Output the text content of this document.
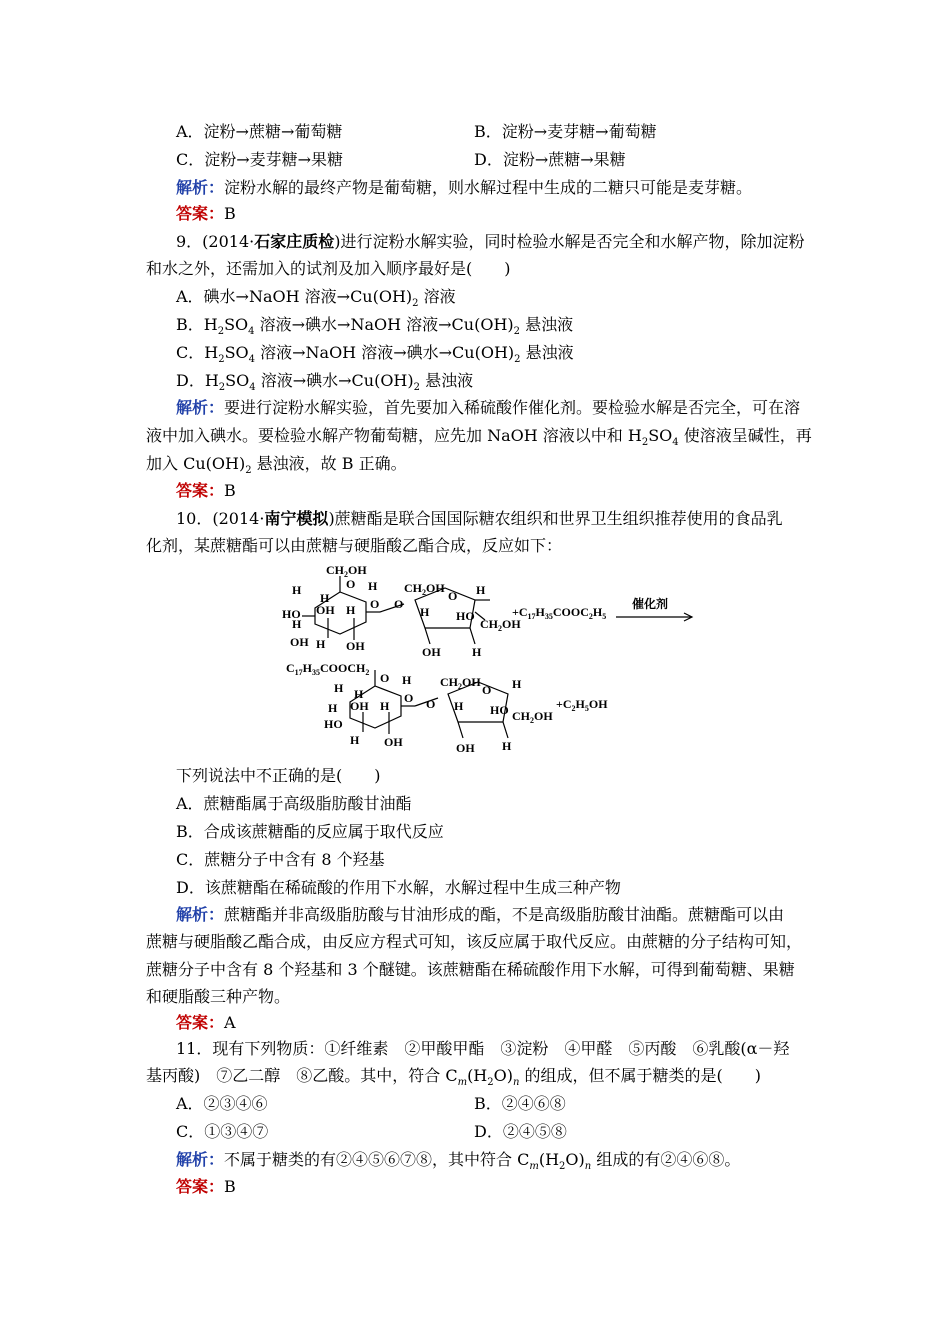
A．淀粉→蔗糖→葡萄糖	B．淀粉→麦芽糖→葡萄糖
C．淀粉→麦芽糖→果糖	D．淀粉→蔗糖→果糖
解析：淀粉水解的最终产物是葡萄糖，则水解过程中生成的二糖只可能是麦芽糖。
答案：B
9．(2014·石家庄质检)进行淀粉水解实验，同时检验水解是否完全和水解产物，除加淀粉
和水之外，还需加入的试剂及加入顺序最好是(　　)
A．碘水→NaOH 溶液$\to Cu(OH)_2$ 溶液
B．$H_2SO_4$ 溶液→碘水→NaOH 溶液$\to Cu(OH)_2$ 悬浊液
C．$H_2SO_4$ 溶液→NaOH 溶液→碘水$\to Cu(OH)_2$ 悬浊液
D．$H_2SO_4$ 溶液→碘水$\to Cu(OH)_2$ 悬浊液
解析：要进行淀粉水解实验，首先要加入稀硫酸作催化剂。要检验水解是否完全，可在溶
液中加入碘水。要检验水解产物葡萄糖，应先加 NaOH 溶液以中和 $H_2SO_4$ 使溶液呈碱性，再
加入 $Cu(OH)_2$ 悬浊液，故 B 正确。
答案：B
10．(2014·南宁模拟)蔗糖酯是联合国国际糖农组织和世界卫生组织推荐使用的食品乳
化剂，某蔗糖酯可以由蔗糖与硬脂酸乙酯合成，反应如下：
$CH_2OH$
O H
H
H
HO OH H O O
H
OH H OH
$CH_2OH$
O H
H HO
$CH_2OH$
OH	H
$+C_{17}H_{35}COOC_2H_5$
催化剂
$C_{17}H_{35}COOCH_2$ O H
H H
H OH H
O O
HO
H OH
$CH_2OH$
O H
H HO $CH_2OH$
OH H
$+C_2H_5OH$
下列说法中不正确的是(　　)
A．蔗糖酯属于高级脂肪酸甘油酯
B．合成该蔗糖酯的反应属于取代反应
C．蔗糖分子中含有 8 个羟基
D．该蔗糖酯在稀硫酸的作用下水解，水解过程中生成三种产物
解析：蔗糖酯并非高级脂肪酸与甘油形成的酯，不是高级脂肪酸甘油酯。蔗糖酯可以由
蔗糖与硬脂酸乙酯合成，由反应方程式可知，该反应属于取代反应。由蔗糖的分子结构可知，
蔗糖分子中含有 8 个羟基和 3 个醚键。该蔗糖酯在稀硫酸作用下水解，可得到葡萄糖、果糖
和硬脂酸三种产物。
答案：A
11．现有下列物质：①纤维素　②甲酸甲酯　③淀粉　④甲醛　⑤丙酸　⑥乳酸(α－羟
基丙酸)　⑦乙二醇　⑧乙酸。其中，符合 $C_m(H_2O)_n$ 的组成，但不属于糖类的是(　　)
A．②③④⑥	B．②④⑥⑧
C．①③④⑦	D．②④⑤⑧
解析：不属于糖类的有②④⑤⑥⑦⑧，其中符合 $C_m(H_2O)_n$ 组成的有②④⑥⑧。
答案：B
